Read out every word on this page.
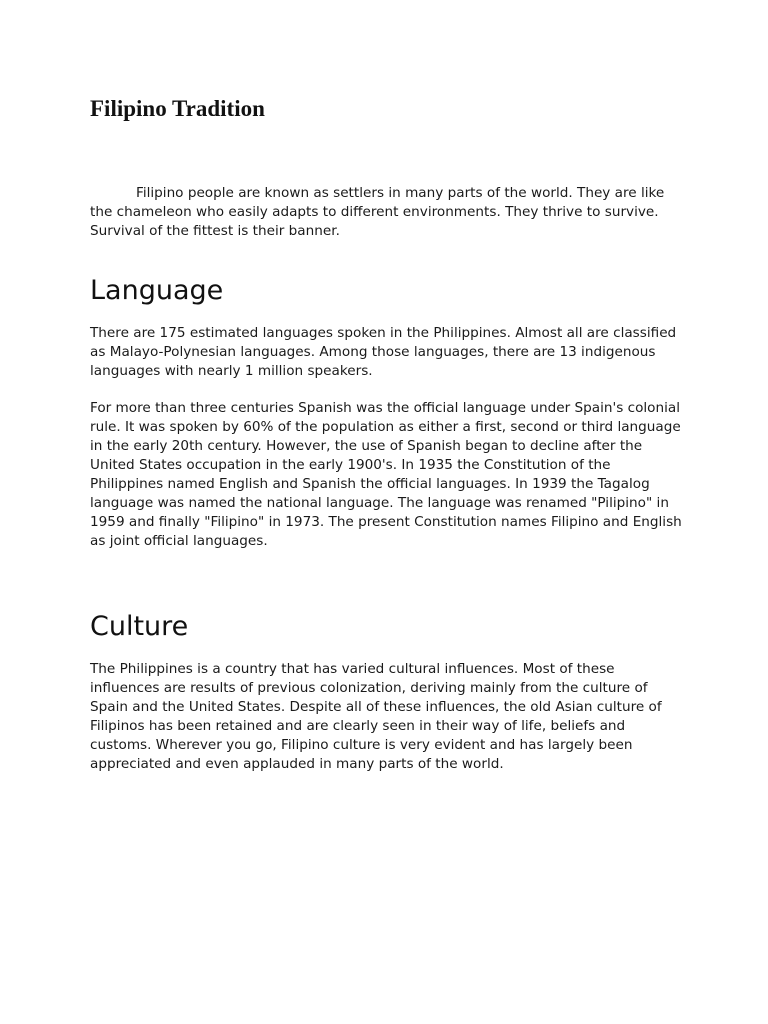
Filipino Tradition

Filipino people are known as settlers in many parts of the world. They are like the chameleon who easily adapts to different environments. They thrive to survive. Survival of the fittest is their banner.

Language

There are 175 estimated languages spoken in the Philippines. Almost all are classified as Malayo-Polynesian languages. Among those languages, there are 13 indigenous languages with nearly 1 million speakers.

For more than three centuries Spanish was the official language under Spain's colonial rule. It was spoken by 60% of the population as either a first, second or third language in the early 20th century. However, the use of Spanish began to decline after the United States occupation in the early 1900's. In 1935 the Constitution of the Philippines named English and Spanish the official languages. In 1939 the Tagalog language was named the national language. The language was renamed "Pilipino" in 1959 and finally "Filipino" in 1973. The present Constitution names Filipino and English as joint official languages.

Culture

The Philippines is a country that has varied cultural influences. Most of these influences are results of previous colonization, deriving mainly from the culture of Spain and the United States. Despite all of these influences, the old Asian culture of Filipinos has been retained and are clearly seen in their way of life, beliefs and customs. Wherever you go, Filipino culture is very evident and has largely been appreciated and even applauded in many parts of the world.
